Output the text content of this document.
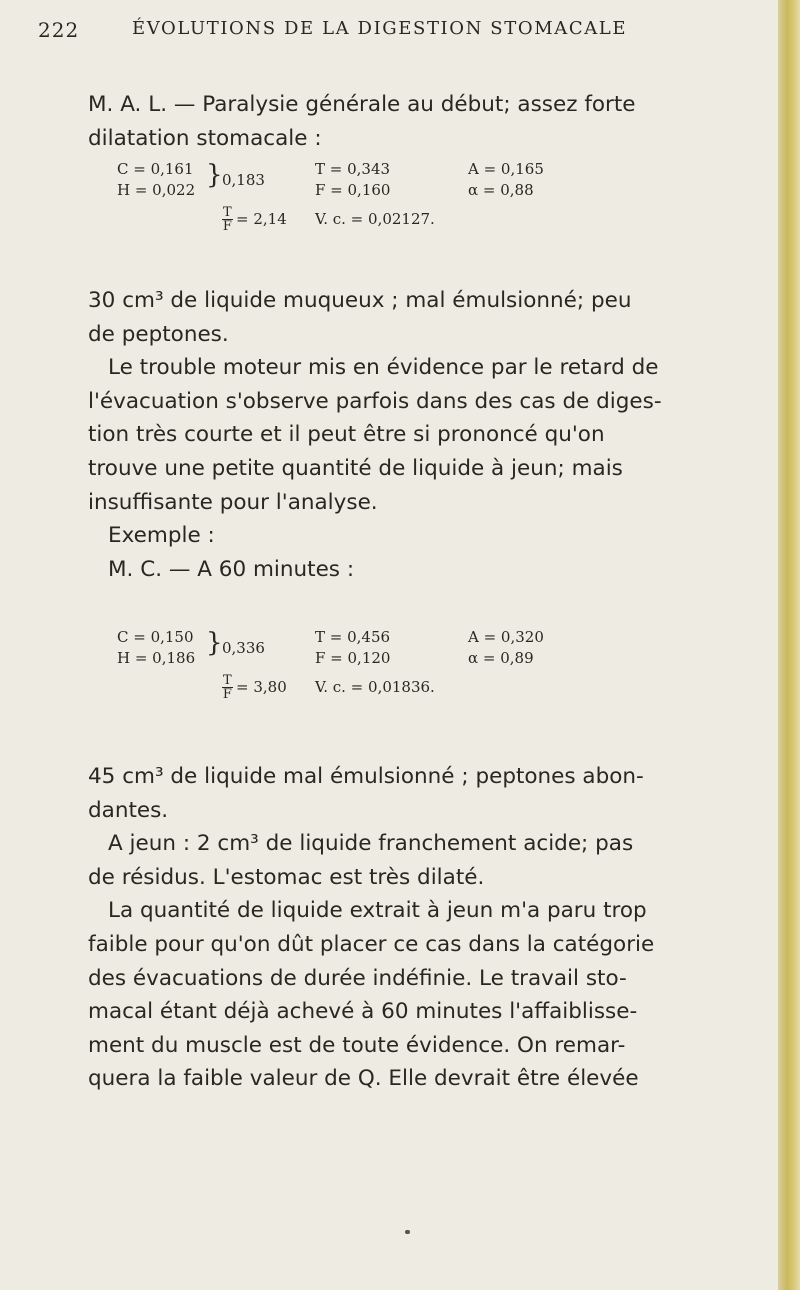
222	ÉVOLUTIONS DE LA DIGESTION STOMACALE
M. A. L. — Paralysie générale au début; assez forte
dilatation stomacale :
C = 0,161
H = 0,022 } 0,183
T = 0,343
F = 0,160
A = 0,165
α = 0,88
$\frac{T}{F} = 2,14$ V. c. = 0,02127.
30 cm³ de liquide muqueux ; mal émulsionné; peu
de peptones.
Le trouble moteur mis en évidence par le retard de
l'évacuation s'observe parfois dans des cas de diges-
tion très courte et il peut être si prononcé qu'on
trouve une petite quantité de liquide à jeun; mais
insuffisante pour l'analyse.
Exemple :
M. C. — A 60 minutes :
C = 0,150
H = 0,186 } 0,336
T = 0,456
F = 0,120
A = 0,320
α = 0,89
$\frac{T}{F} = 3,80$ V. c. = 0,01836.
45 cm³ de liquide mal émulsionné ; peptones abon-
dantes.
A jeun : 2 cm³ de liquide franchement acide; pas
de résidus. L'estomac est très dilaté.
La quantité de liquide extrait à jeun m'a paru trop
faible pour qu'on dût placer ce cas dans la catégorie
des évacuations de durée indéfinie. Le travail sto-
macal étant déjà achevé à 60 minutes l'affaiblisse-
ment du muscle est de toute évidence. On remar-
quera la faible valeur de Q. Elle devrait être élevée
